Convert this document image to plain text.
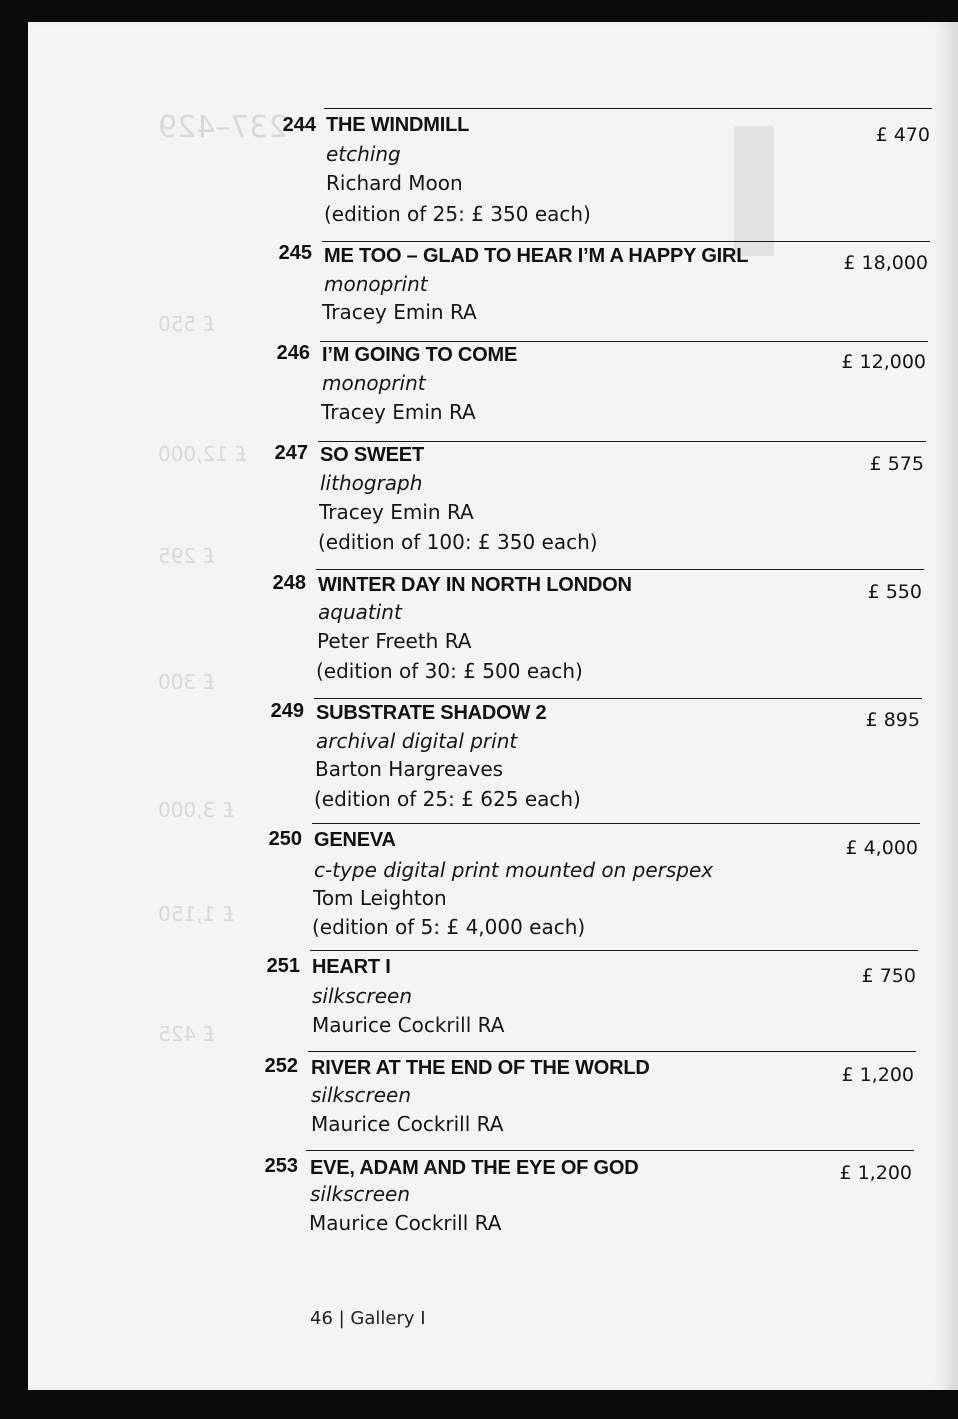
237–429
£ 550
£ 12,000
£ 295
£ 300
£ 3,000
£ 1,150
£ 425
244 THE WINDMILL
etching
Richard Moon
(edition of 25: £ 350 each)
£ 470
245 ME TOO – GLAD TO HEAR I’M A HAPPY GIRL
monoprint
Tracey Emin RA
£ 18,000
246 I’M GOING TO COME
monoprint
Tracey Emin RA
£ 12,000
247 SO SWEET
lithograph
Tracey Emin RA
(edition of 100: £ 350 each)
£ 575
248 WINTER DAY IN NORTH LONDON
aquatint
Peter Freeth RA
(edition of 30: £ 500 each)
£ 550
249 SUBSTRATE SHADOW 2
archival digital print
Barton Hargreaves
(edition of 25: £ 625 each)
£ 895
250 GENEVA
c-type digital print mounted on perspex
Tom Leighton
(edition of 5: £ 4,000 each)
£ 4,000
251 HEART I
silkscreen
Maurice Cockrill RA
£ 750
252 RIVER AT THE END OF THE WORLD
silkscreen
Maurice Cockrill RA
£ 1,200
253 EVE, ADAM AND THE EYE OF GOD
silkscreen
Maurice Cockrill RA
£ 1,200
46 | Gallery I
